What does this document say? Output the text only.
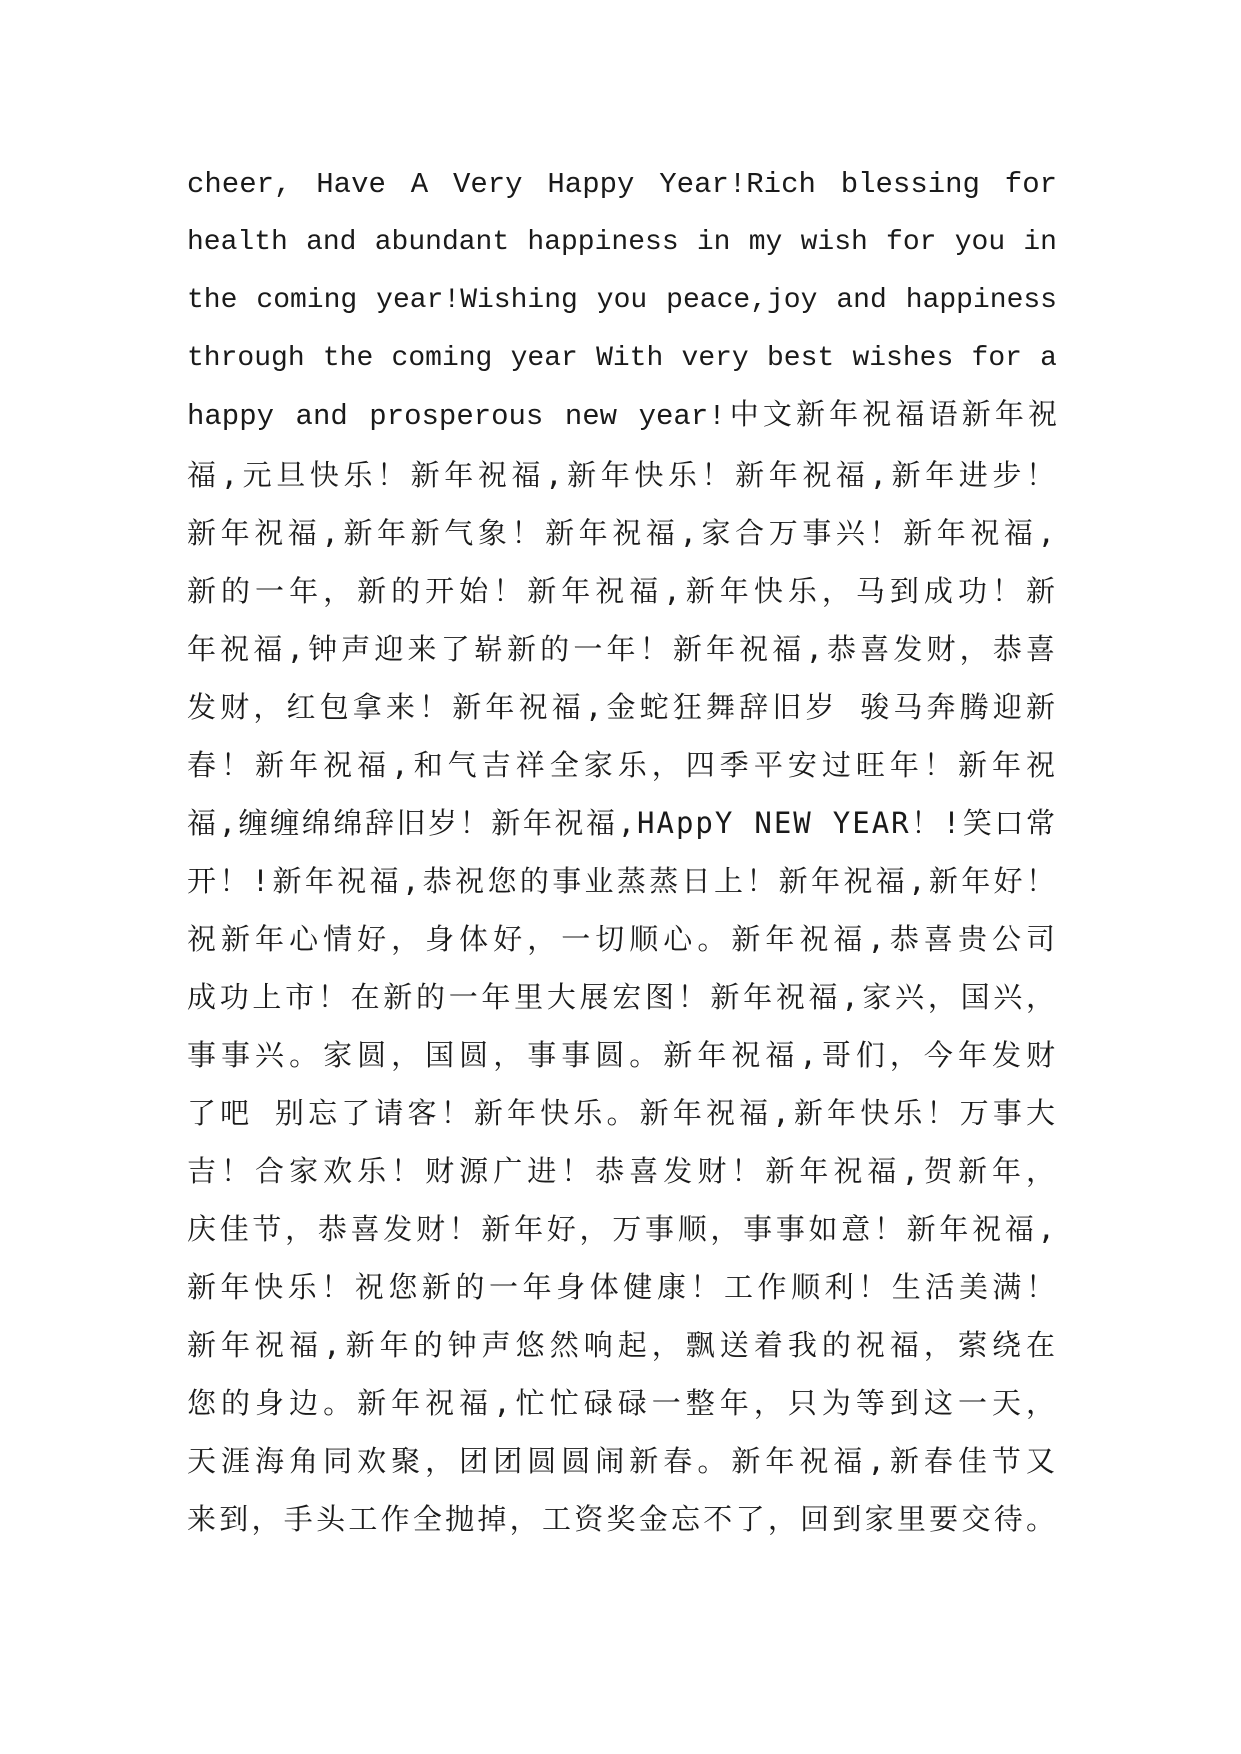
cheer, Have A Very Happy Year!Rich blessing for
health and abundant happiness in my wish for you in
the coming year!Wishing you peace,joy and happiness
through the coming year With very best wishes for a
happy and prosperous new year!中文新年祝福语新年祝
福,元旦快乐！新年祝福,新年快乐！新年祝福,新年进步！
新年祝福,新年新气象！新年祝福,家合万事兴！新年祝福,
新的一年，新的开始！新年祝福,新年快乐，马到成功！新
年祝福,钟声迎来了崭新的一年！新年祝福,恭喜发财，恭喜
发财，红包拿来！新年祝福,金蛇狂舞辞旧岁 骏马奔腾迎新
春！新年祝福,和气吉祥全家乐，四季平安过旺年！新年祝
福,缠缠绵绵辞旧岁！新年祝福,HAppY NEW YEAR！!笑口常
开！!新年祝福,恭祝您的事业蒸蒸日上！新年祝福,新年好！
祝新年心情好，身体好，一切顺心。新年祝福,恭喜贵公司
成功上市！在新的一年里大展宏图！新年祝福,家兴，国兴，
事事兴。家圆，国圆，事事圆。新年祝福,哥们，今年发财
了吧 别忘了请客！新年快乐。新年祝福,新年快乐！万事大
吉！合家欢乐！财源广进！恭喜发财！新年祝福,贺新年，
庆佳节，恭喜发财！新年好，万事顺，事事如意！新年祝福,
新年快乐！祝您新的一年身体健康！工作顺利！生活美满！
新年祝福,新年的钟声悠然响起，飘送着我的祝福，萦绕在
您的身边。新年祝福,忙忙碌碌一整年，只为等到这一天，
天涯海角同欢聚，团团圆圆闹新春。新年祝福,新春佳节又
来到，手头工作全抛掉，工资奖金忘不了，回到家里要交待。
